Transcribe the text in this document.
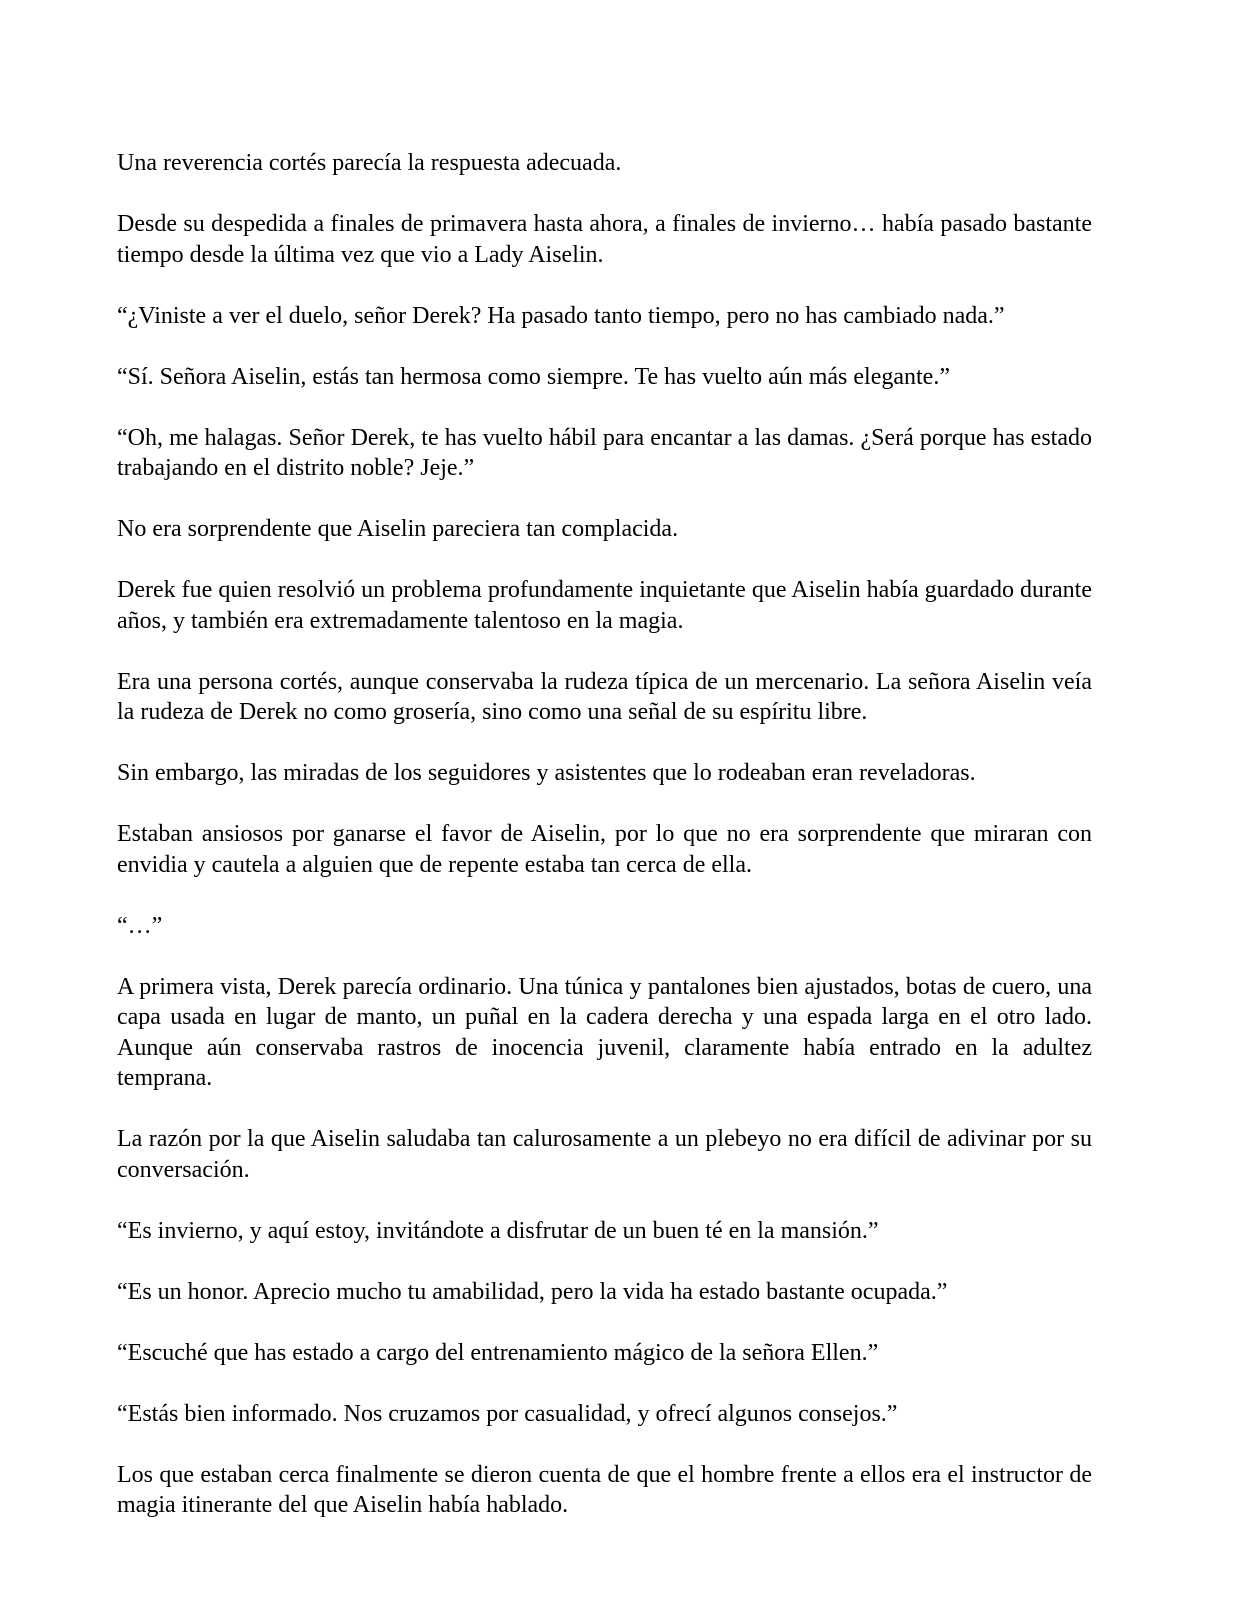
Una reverencia cortés parecía la respuesta adecuada.

Desde su despedida a finales de primavera hasta ahora, a finales de invierno… había pasado bastante tiempo desde la última vez que vio a Lady Aiselin.

“¿Viniste a ver el duelo, señor Derek? Ha pasado tanto tiempo, pero no has cambiado nada.”

“Sí. Señora Aiselin, estás tan hermosa como siempre. Te has vuelto aún más elegante.”

“Oh, me halagas. Señor Derek, te has vuelto hábil para encantar a las damas. ¿Será porque has estado trabajando en el distrito noble? Jeje.”

No era sorprendente que Aiselin pareciera tan complacida.

Derek fue quien resolvió un problema profundamente inquietante que Aiselin había guardado durante años, y también era extremadamente talentoso en la magia.

Era una persona cortés, aunque conservaba la rudeza típica de un mercenario. La señora Aiselin veía la rudeza de Derek no como grosería, sino como una señal de su espíritu libre.

Sin embargo, las miradas de los seguidores y asistentes que lo rodeaban eran reveladoras.

Estaban ansiosos por ganarse el favor de Aiselin, por lo que no era sorprendente que miraran con envidia y cautela a alguien que de repente estaba tan cerca de ella.

“…”

A primera vista, Derek parecía ordinario. Una túnica y pantalones bien ajustados, botas de cuero, una capa usada en lugar de manto, un puñal en la cadera derecha y una espada larga en el otro lado. Aunque aún conservaba rastros de inocencia juvenil, claramente había entrado en la adultez temprana.

La razón por la que Aiselin saludaba tan calurosamente a un plebeyo no era difícil de adivinar por su conversación.

“Es invierno, y aquí estoy, invitándote a disfrutar de un buen té en la mansión.”

“Es un honor. Aprecio mucho tu amabilidad, pero la vida ha estado bastante ocupada.”

“Escuché que has estado a cargo del entrenamiento mágico de la señora Ellen.”

“Estás bien informado. Nos cruzamos por casualidad, y ofrecí algunos consejos.”

Los que estaban cerca finalmente se dieron cuenta de que el hombre frente a ellos era el instructor de magia itinerante del que Aiselin había hablado.
